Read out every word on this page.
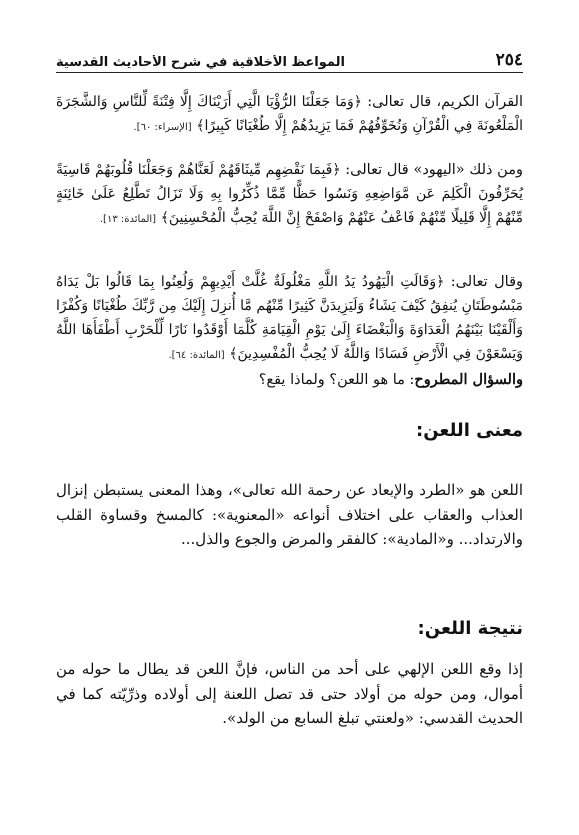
٢٥٤
المواعظ الأخلاقية في شرح الأحاديث القدسية

القرآن الكريم، قال تعالى: ﴿وَمَا جَعَلْنَا الرُّؤْيَا الَّتِي أَرَيْنَاكَ إِلَّا فِتْنَةً لِّلنَّاسِ وَالشَّجَرَةَ الْمَلْعُونَةَ فِي الْقُرْآنِ وَنُخَوِّفُهُمْ فَمَا يَزِيدُهُمْ إِلَّا طُغْيَانًا كَبِيرًا﴾ [الإسراء: ٦٠].

ومن ذلك «اليهود» قال تعالى: ﴿فَبِمَا نَقْضِهِم مِّيثَاقَهُمْ لَعَنَّاهُمْ وَجَعَلْنَا قُلُوبَهُمْ قَاسِيَةً يُحَرِّفُونَ الْكَلِمَ عَن مَّوَاضِعِهِ وَنَسُوا حَظًّا مِّمَّا ذُكِّرُوا بِهِ وَلَا تَزَالُ تَطَّلِعُ عَلَىٰ خَائِنَةٍ مِّنْهُمْ إِلَّا قَلِيلًا مِّنْهُمْ فَاعْفُ عَنْهُمْ وَاصْفَحْ إِنَّ اللَّهَ يُحِبُّ الْمُحْسِنِينَ﴾ [المائدة: ١٣].

وقال تعالى: ﴿وَقَالَتِ الْيَهُودُ يَدُ اللَّهِ مَغْلُولَةٌ غُلَّتْ أَيْدِيهِمْ وَلُعِنُوا بِمَا قَالُوا بَلْ يَدَاهُ مَبْسُوطَتَانِ يُنفِقُ كَيْفَ يَشَاءُ وَلَيَزِيدَنَّ كَثِيرًا مِّنْهُم مَّا أُنزِلَ إِلَيْكَ مِن رَّبِّكَ طُغْيَانًا وَكُفْرًا وَأَلْقَيْنَا بَيْنَهُمُ الْعَدَاوَةَ وَالْبَغْضَاءَ إِلَىٰ يَوْمِ الْقِيَامَةِ كُلَّمَا أَوْقَدُوا نَارًا لِّلْحَرْبِ أَطْفَأَهَا اللَّهُ وَيَسْعَوْنَ فِي الْأَرْضِ فَسَادًا وَاللَّهُ لَا يُحِبُّ الْمُفْسِدِينَ﴾ [المائدة: ٦٤].

والسؤال المطروح: ما هو اللعن؟ ولماذا يقع؟

معنى اللعن:

اللعن هو «الطرد والإبعاد عن رحمة الله تعالى»، وهذا المعنى يستبطن إنزال العذاب والعقاب على اختلاف أنواعه «المعنوية»: كالمسخ وقساوة القلب والارتداد... و«المادية»: كالفقر والمرض والجوع والذل...

نتيجة اللعن:

إذا وقع اللعن الإلهي على أحد من الناس، فإنَّ اللعن قد يطال ما حوله من أموال، ومن حوله من أولاد حتى قد تصل اللعنة إلى أولاده وذرِّيّته كما في الحديث القدسي: «ولعنتي تبلغ السابع من الولد».
